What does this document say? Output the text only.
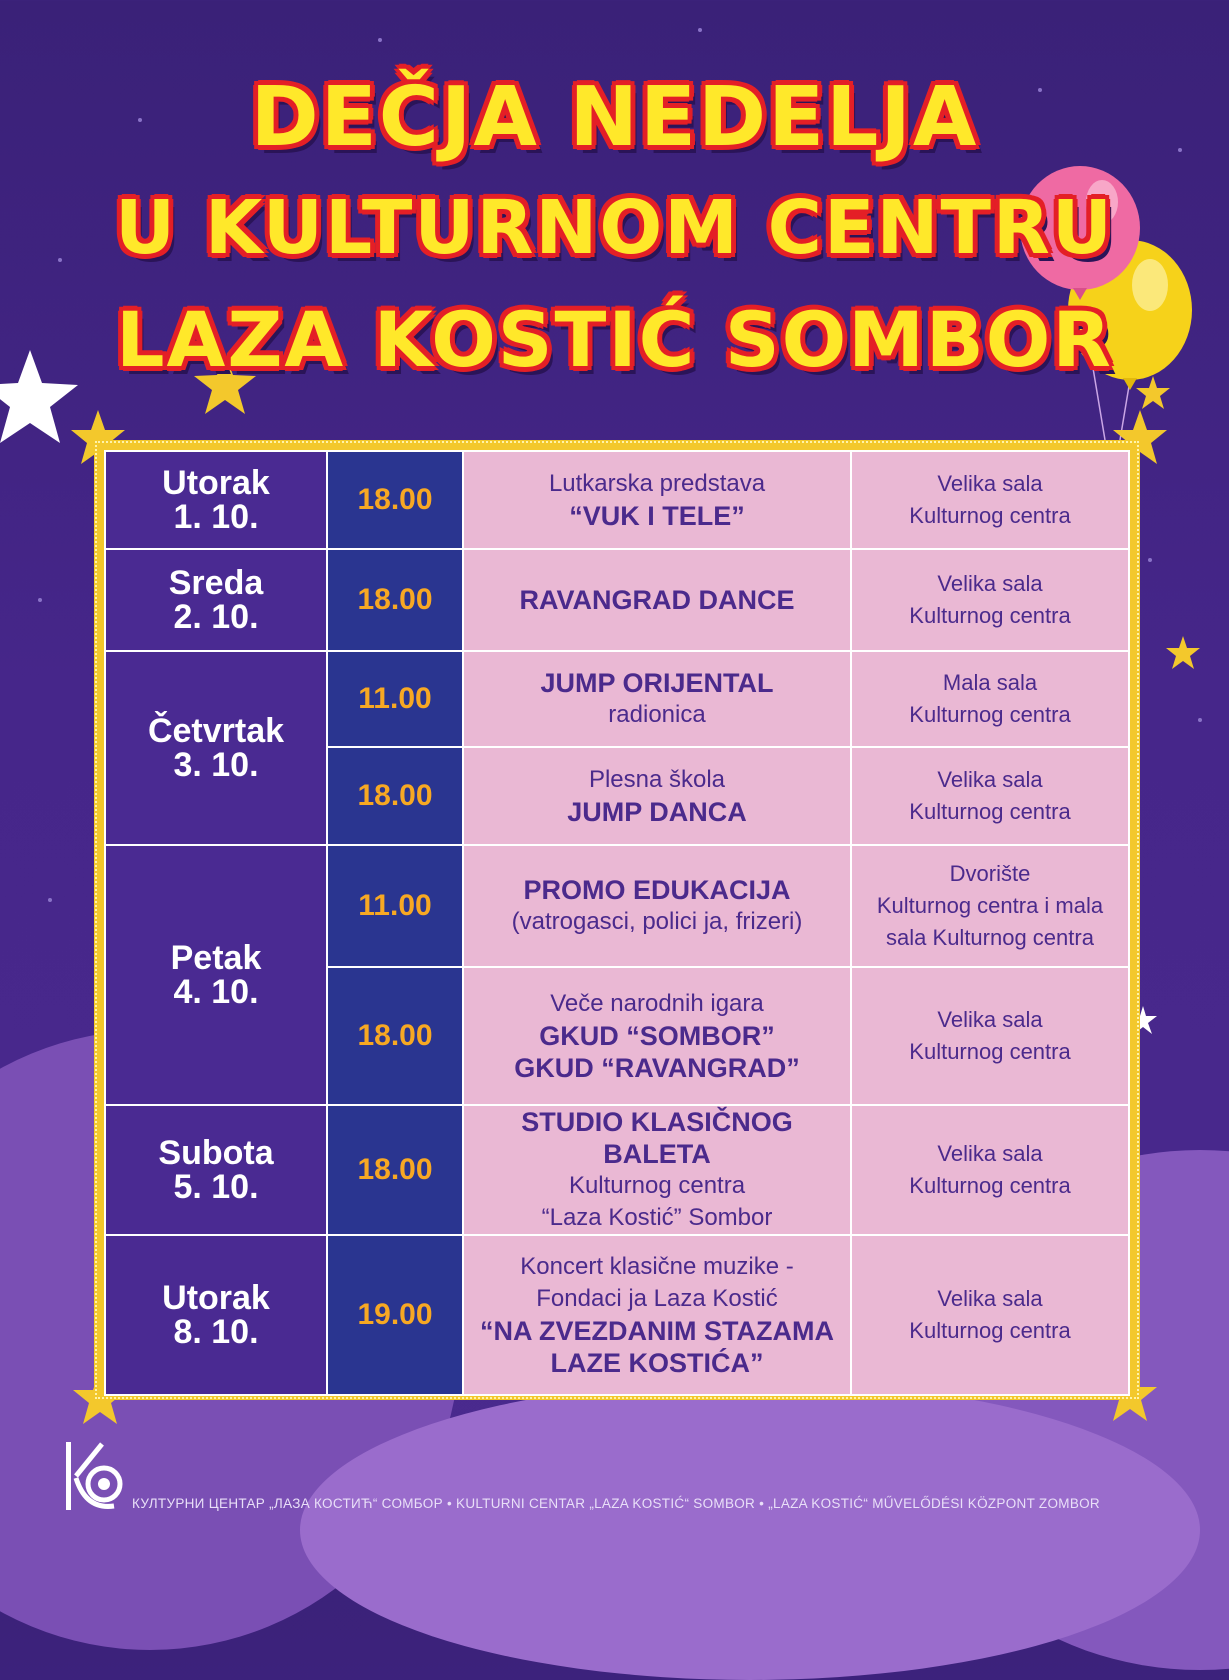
DEČJA NEDELJA
U KULTURNOM CENTRU
LAZA KOSTIĆ SOMBOR
Utorak
1. 10.	18.00	Lutkarska predstava
“VUK I TELE”	Velika sala
Kulturnog centra

Sreda
2. 10.	18.00	RAVANGRAD DANCE	Velika sala
Kulturnog centra

Četvrtak
3. 10.	11.00	JUMP ORIJENTAL
radionica	Mala sala
Kulturnog centra

	18.00	Plesna škola
JUMP DANCA	Velika sala
Kulturnog centra

Petak
4. 10.	11.00	PROMO EDUKACIJA
(vatrogasci, polici ja, frizeri)	Dvorište
Kulturnog centra i mala
sala Kulturnog centra

	18.00	Veče narodnih igara
GKUD “SOMBOR”
GKUD “RAVANGRAD”	Velika sala
Kulturnog centra

Subota
5. 10.	18.00	STUDIO KLASIČNOG BALETA
Kulturnog centra
“Laza Kostić” Sombor	Velika sala
Kulturnog centra

Utorak
8. 10.	19.00	Koncert klasične muzike -
Fondaci ja Laza Kostić
“NA ZVEZDANIM STAZAMA
LAZE KOSTIĆA”	Velika sala
Kulturnog centra
КУЛТУРНИ ЦЕНТАР „ЛАЗА КОСТИЋ“ СОМБОР • KULTURNI CENTAR „LAZA KOSTIĆ“ SOMBOR • „LAZA KOSTIĆ“ MŰVELŐDÉSI KÖZPONT ZOMBOR
